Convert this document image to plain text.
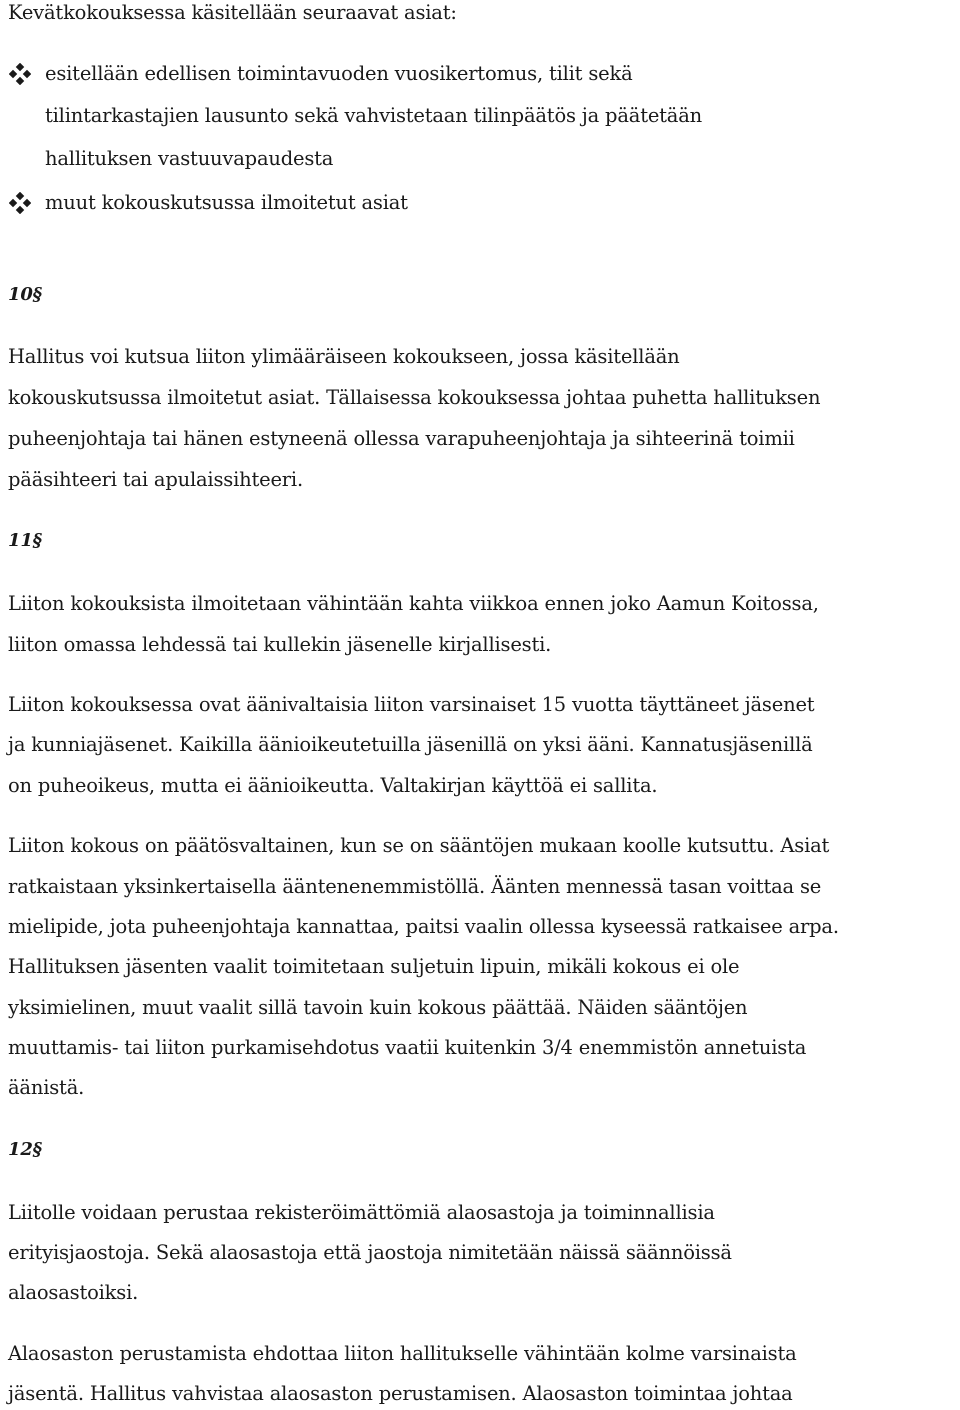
Kevätkokouksessa käsitellään seuraavat asiat:
esitellään edellisen toimintavuoden vuosikertomus, tilit sekä
tilintarkastajien lausunto sekä vahvistetaan tilinpäätös ja päätetään
hallituksen vastuuvapaudesta
muut kokouskutsussa ilmoitetut asiat
10§
Hallitus voi kutsua liiton ylimääräiseen kokoukseen, jossa käsitellään
kokouskutsussa ilmoitetut asiat. Tällaisessa kokouksessa johtaa puhetta hallituksen
puheenjohtaja tai hänen estyneenä ollessa varapuheenjohtaja ja sihteerinä toimii
pääsihteeri tai apulaissihteeri.
11§
Liiton kokouksista ilmoitetaan vähintään kahta viikkoa ennen joko Aamun Koitossa,
liiton omassa lehdessä tai kullekin jäsenelle kirjallisesti.
Liiton kokouksessa ovat äänivaltaisia liiton varsinaiset 15 vuotta täyttäneet jäsenet
ja kunniajäsenet. Kaikilla äänioikeutetuilla jäsenillä on yksi ääni. Kannatusjäsenillä
on puheoikeus, mutta ei äänioikeutta. Valtakirjan käyttöä ei sallita.
Liiton kokous on päätösvaltainen, kun se on sääntöjen mukaan koolle kutsuttu. Asiat
ratkaistaan yksinkertaisella ääntenenemmistöllä. Äänten mennessä tasan voittaa se
mielipide, jota puheenjohtaja kannattaa, paitsi vaalin ollessa kyseessä ratkaisee arpa.
Hallituksen jäsenten vaalit toimitetaan suljetuin lipuin, mikäli kokous ei ole
yksimielinen, muut vaalit sillä tavoin kuin kokous päättää. Näiden sääntöjen
muuttamis- tai liiton purkamisehdotus vaatii kuitenkin 3/4 enemmistön annetuista
äänistä.
12§
Liitolle voidaan perustaa rekisteröimättömiä alaosastoja ja toiminnallisia
erityisjaostoja. Sekä alaosastoja että jaostoja nimitetään näissä säännöissä
alaosastoiksi.
Alaosaston perustamista ehdottaa liiton hallitukselle vähintään kolme varsinaista
jäsentä. Hallitus vahvistaa alaosaston perustamisen. Alaosaston toimintaa johtaa
